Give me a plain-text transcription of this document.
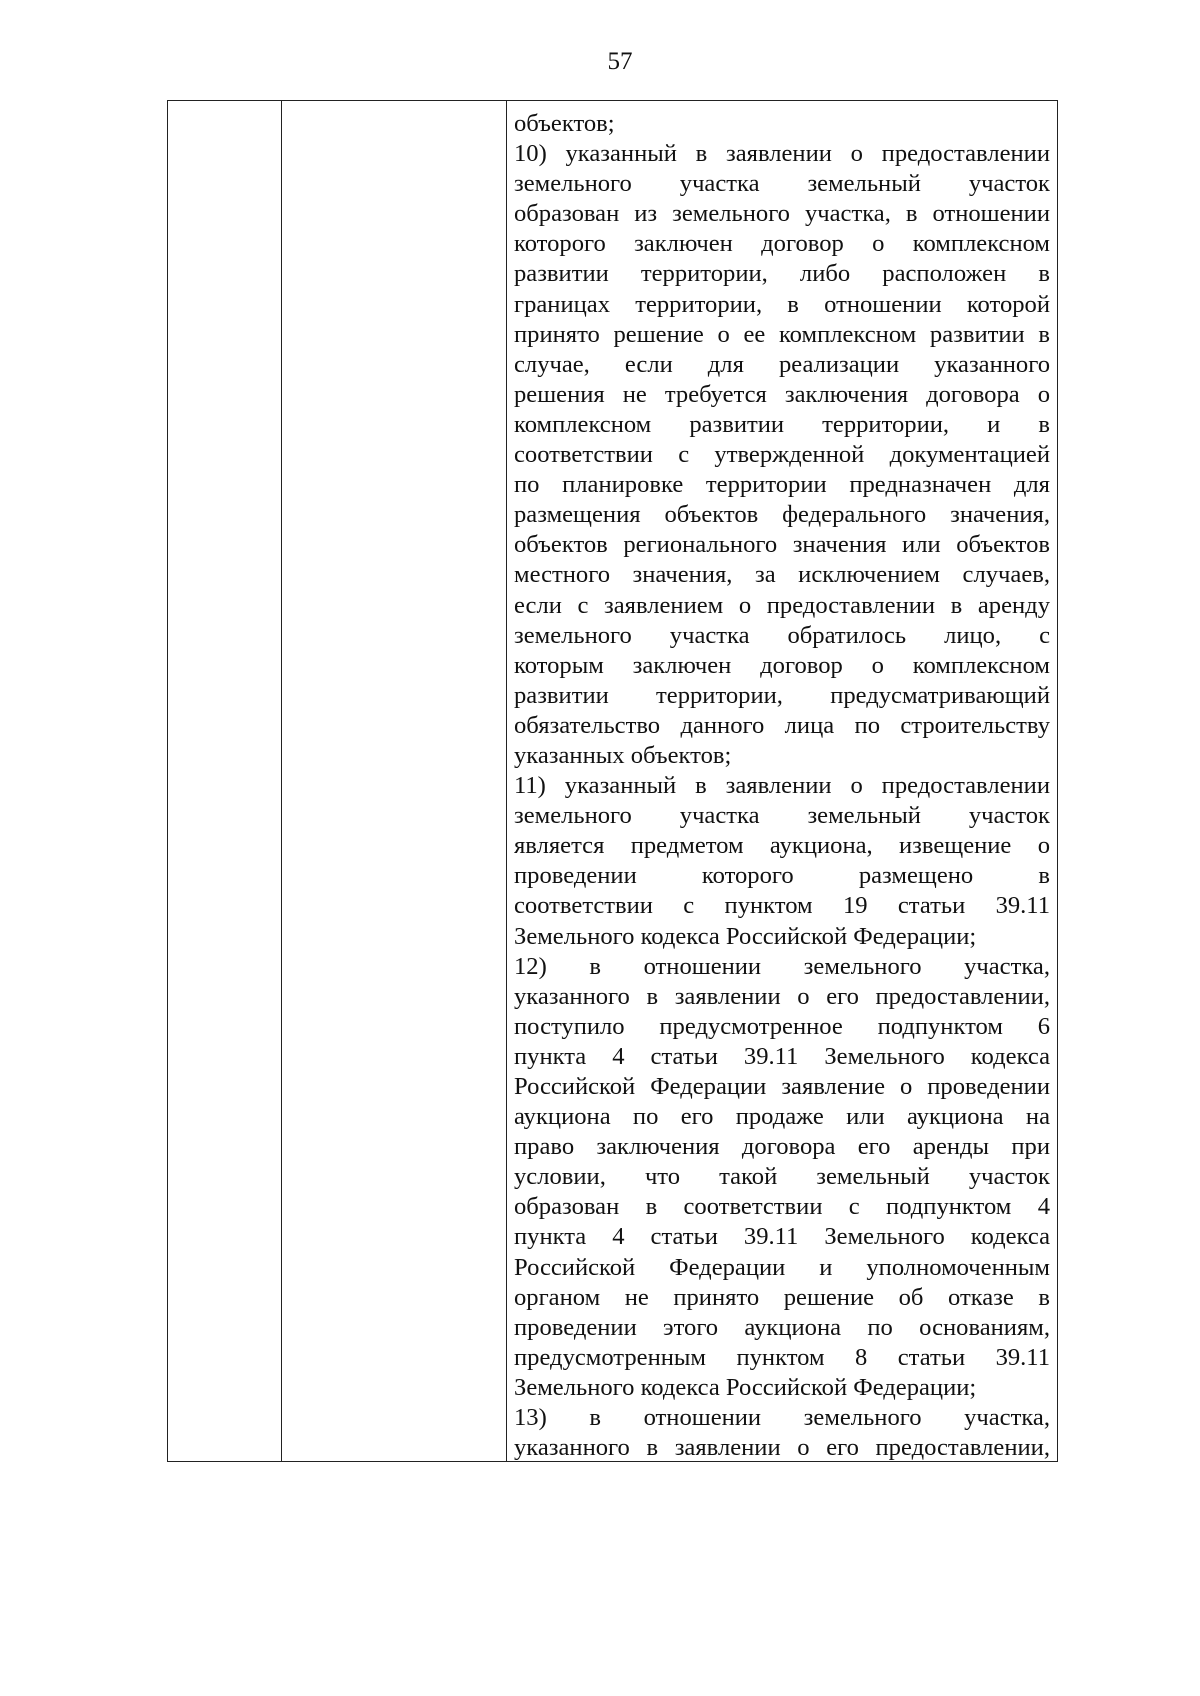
57
объектов;
10) указанный в заявлении о предоставлении
земельного участка земельный участок
образован из земельного участка, в отношении
которого заключен договор о комплексном
развитии территории, либо расположен в
границах территории, в отношении которой
принято решение о ее комплексном развитии в
случае, если для реализации указанного
решения не требуется заключения договора о
комплексном развитии территории, и в
соответствии с утвержденной документацией
по планировке территории предназначен для
размещения объектов федерального значения,
объектов регионального значения или объектов
местного значения, за исключением случаев,
если с заявлением о предоставлении в аренду
земельного участка обратилось лицо, с
которым заключен договор о комплексном
развитии территории, предусматривающий
обязательство данного лица по строительству
указанных объектов;
11) указанный в заявлении о предоставлении
земельного участка земельный участок
является предметом аукциона, извещение о
проведении которого размещено в
соответствии с пунктом 19 статьи 39.11
Земельного кодекса Российской Федерации;
12) в отношении земельного участка,
указанного в заявлении о его предоставлении,
поступило предусмотренное подпунктом 6
пункта 4 статьи 39.11 Земельного кодекса
Российской Федерации заявление о проведении
аукциона по его продаже или аукциона на
право заключения договора его аренды при
условии, что такой земельный участок
образован в соответствии с подпунктом 4
пункта 4 статьи 39.11 Земельного кодекса
Российской Федерации и уполномоченным
органом не принято решение об отказе в
проведении этого аукциона по основаниям,
предусмотренным пунктом 8 статьи 39.11
Земельного кодекса Российской Федерации;
13) в отношении земельного участка,
указанного в заявлении о его предоставлении,
